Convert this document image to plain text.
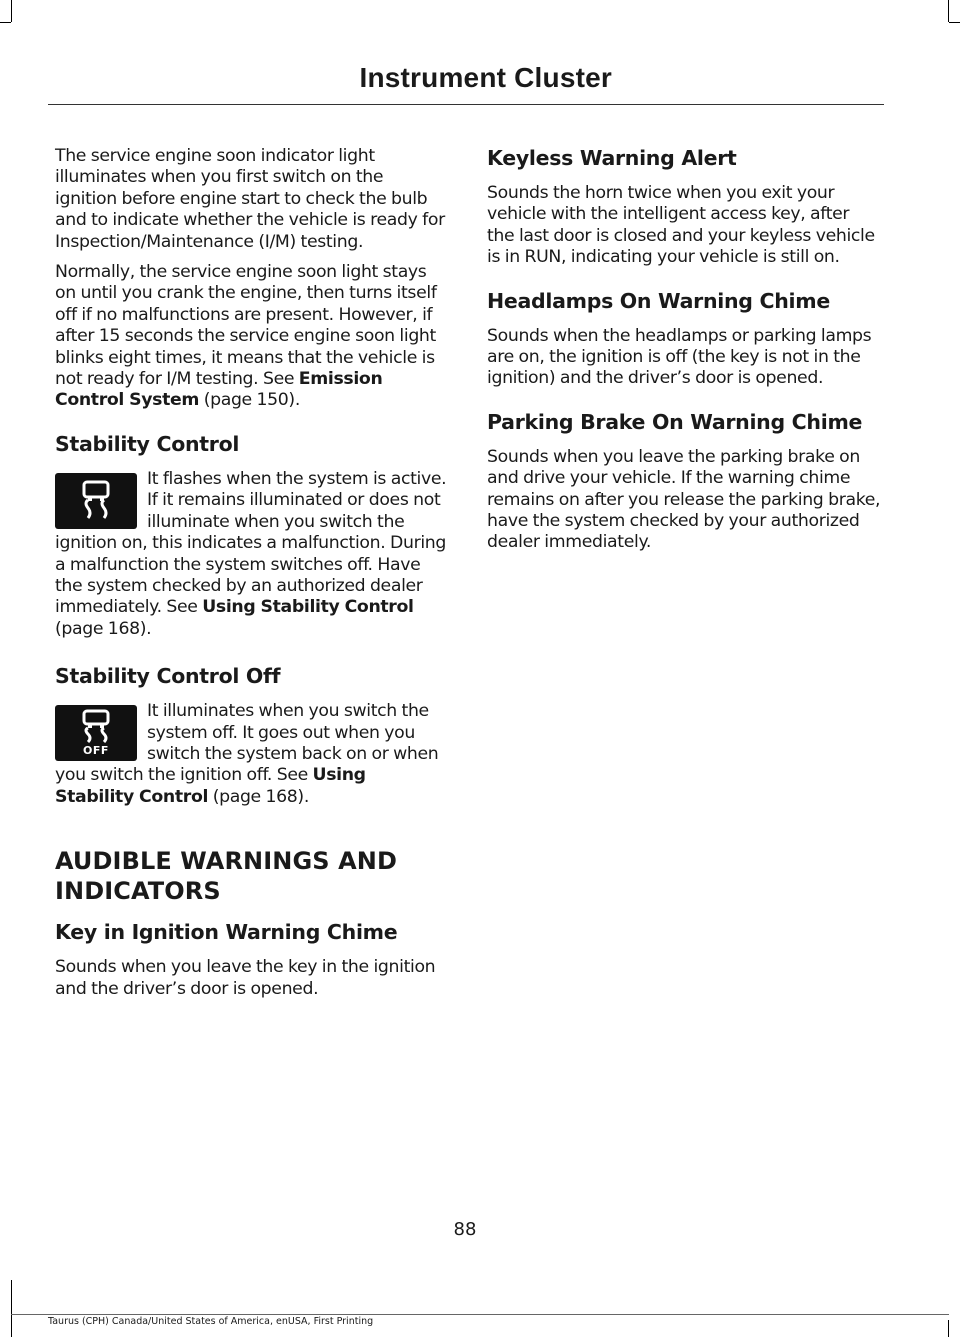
Instrument Cluster

The service engine soon indicator light illuminates when you first switch on the ignition before engine start to check the bulb and to indicate whether the vehicle is ready for Inspection/Maintenance (I/M) testing.

Normally, the service engine soon light stays on until you crank the engine, then turns itself off if no malfunctions are present. However, if after 15 seconds the service engine soon light blinks eight times, it means that the vehicle is not ready for I/M testing. See Emission Control System (page 150).

Stability Control

It flashes when the system is active. If it remains illuminated or does not illuminate when you switch the ignition on, this indicates a malfunction. During a malfunction the system switches off. Have the system checked by an authorized dealer immediately. See Using Stability Control (page 168).

Stability Control Off

OFF
It illuminates when you switch the system off. It goes out when you switch the system back on or when you switch the ignition off. See Using Stability Control (page 168).

AUDIBLE WARNINGS AND
INDICATORS
Key in Ignition Warning Chime

Sounds when you leave the key in the ignition and the driver’s door is opened.

Keyless Warning Alert

Sounds the horn twice when you exit your vehicle with the intelligent access key, after the last door is closed and your keyless vehicle is in RUN, indicating your vehicle is still on.

Headlamps On Warning Chime

Sounds when the headlamps or parking lamps are on, the ignition is off (the key is not in the ignition) and the driver’s door is opened.

Parking Brake On Warning Chime

Sounds when you leave the parking brake on and drive your vehicle. If the warning chime remains on after you release the parking brake, have the system checked by your authorized dealer immediately.

88
Taurus (CPH) Canada/United States of America, enUSA, First Printing
